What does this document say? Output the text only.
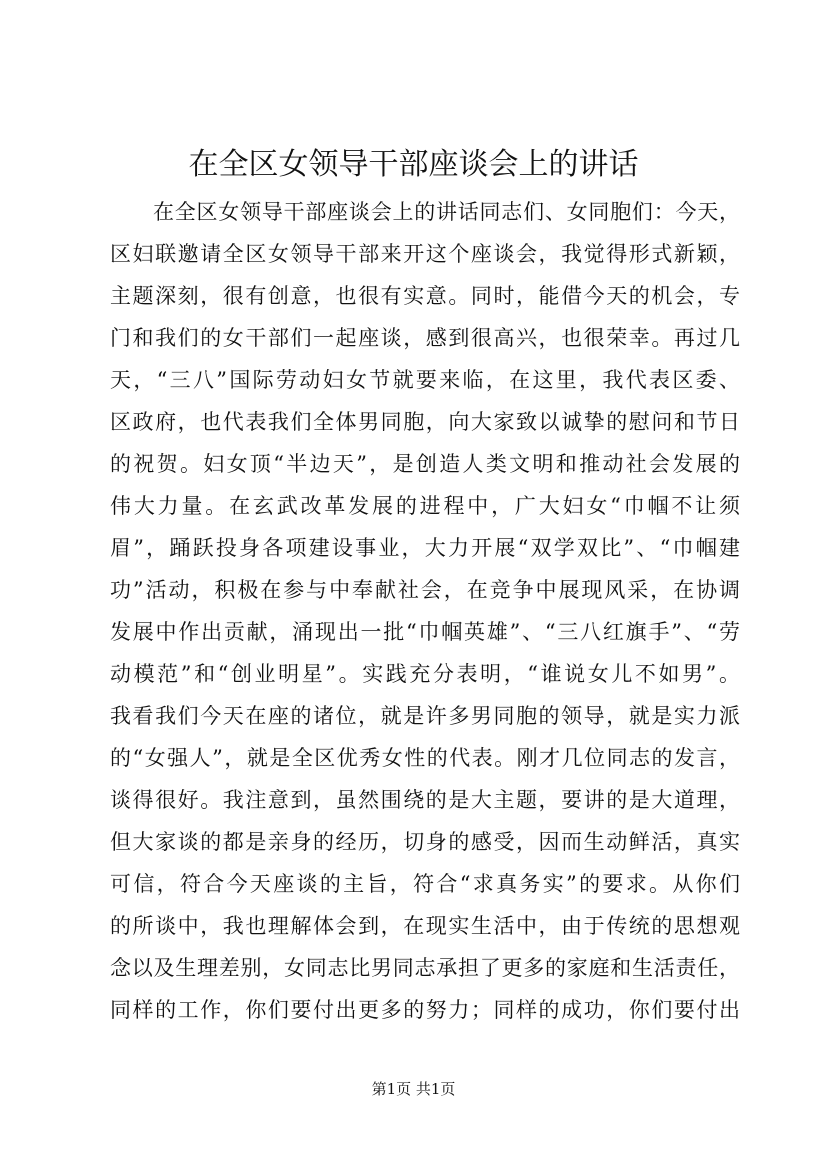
在全区女领导干部座谈会上的讲话
在全区女领导干部座谈会上的讲话同志们、女同胞们：今天，
区妇联邀请全区女领导干部来开这个座谈会，我觉得形式新颖，
主题深刻，很有创意，也很有实意。同时，能借今天的机会，专
门和我们的女干部们一起座谈，感到很高兴，也很荣幸。再过几
天，“三八”国际劳动妇女节就要来临，在这里，我代表区委、
区政府，也代表我们全体男同胞，向大家致以诚挚的慰问和节日
的祝贺。妇女顶“半边天”，是创造人类文明和推动社会发展的
伟大力量。在玄武改革发展的进程中，广大妇女“巾帼不让须
眉”，踊跃投身各项建设事业，大力开展“双学双比”、“巾帼建
功”活动，积极在参与中奉献社会，在竞争中展现风采，在协调
发展中作出贡献，涌现出一批“巾帼英雄”、“三八红旗手”、“劳
动模范”和“创业明星”。实践充分表明，“谁说女儿不如男”。
我看我们今天在座的诸位，就是许多男同胞的领导，就是实力派
的“女强人”，就是全区优秀女性的代表。刚才几位同志的发言，
谈得很好。我注意到，虽然围绕的是大主题，要讲的是大道理，
但大家谈的都是亲身的经历，切身的感受，因而生动鲜活，真实
可信，符合今天座谈的主旨，符合“求真务实”的要求。从你们
的所谈中，我也理解体会到，在现实生活中，由于传统的思想观
念以及生理差别，女同志比男同志承担了更多的家庭和生活责任，
同样的工作，你们要付出更多的努力；同样的成功，你们要付出
第1页 共1页
